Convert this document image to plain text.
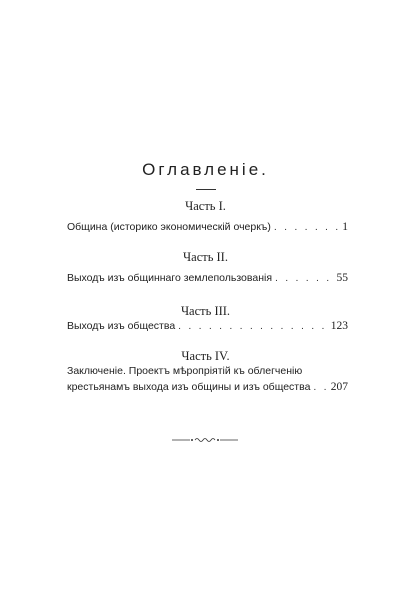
Оглавленіе.
Часть I.
Община (историко экономическій очеркъ) . . .	1
Часть II.
Выходъ изъ общиннаго землепользованія . . .	55
Часть III.
Выходъ изъ общества . . .	123
Часть IV.
Заключеніе. Проектъ мѣропріятій къ облегченію
крестьянамъ выхода изъ общины и изъ общества . . . 207
